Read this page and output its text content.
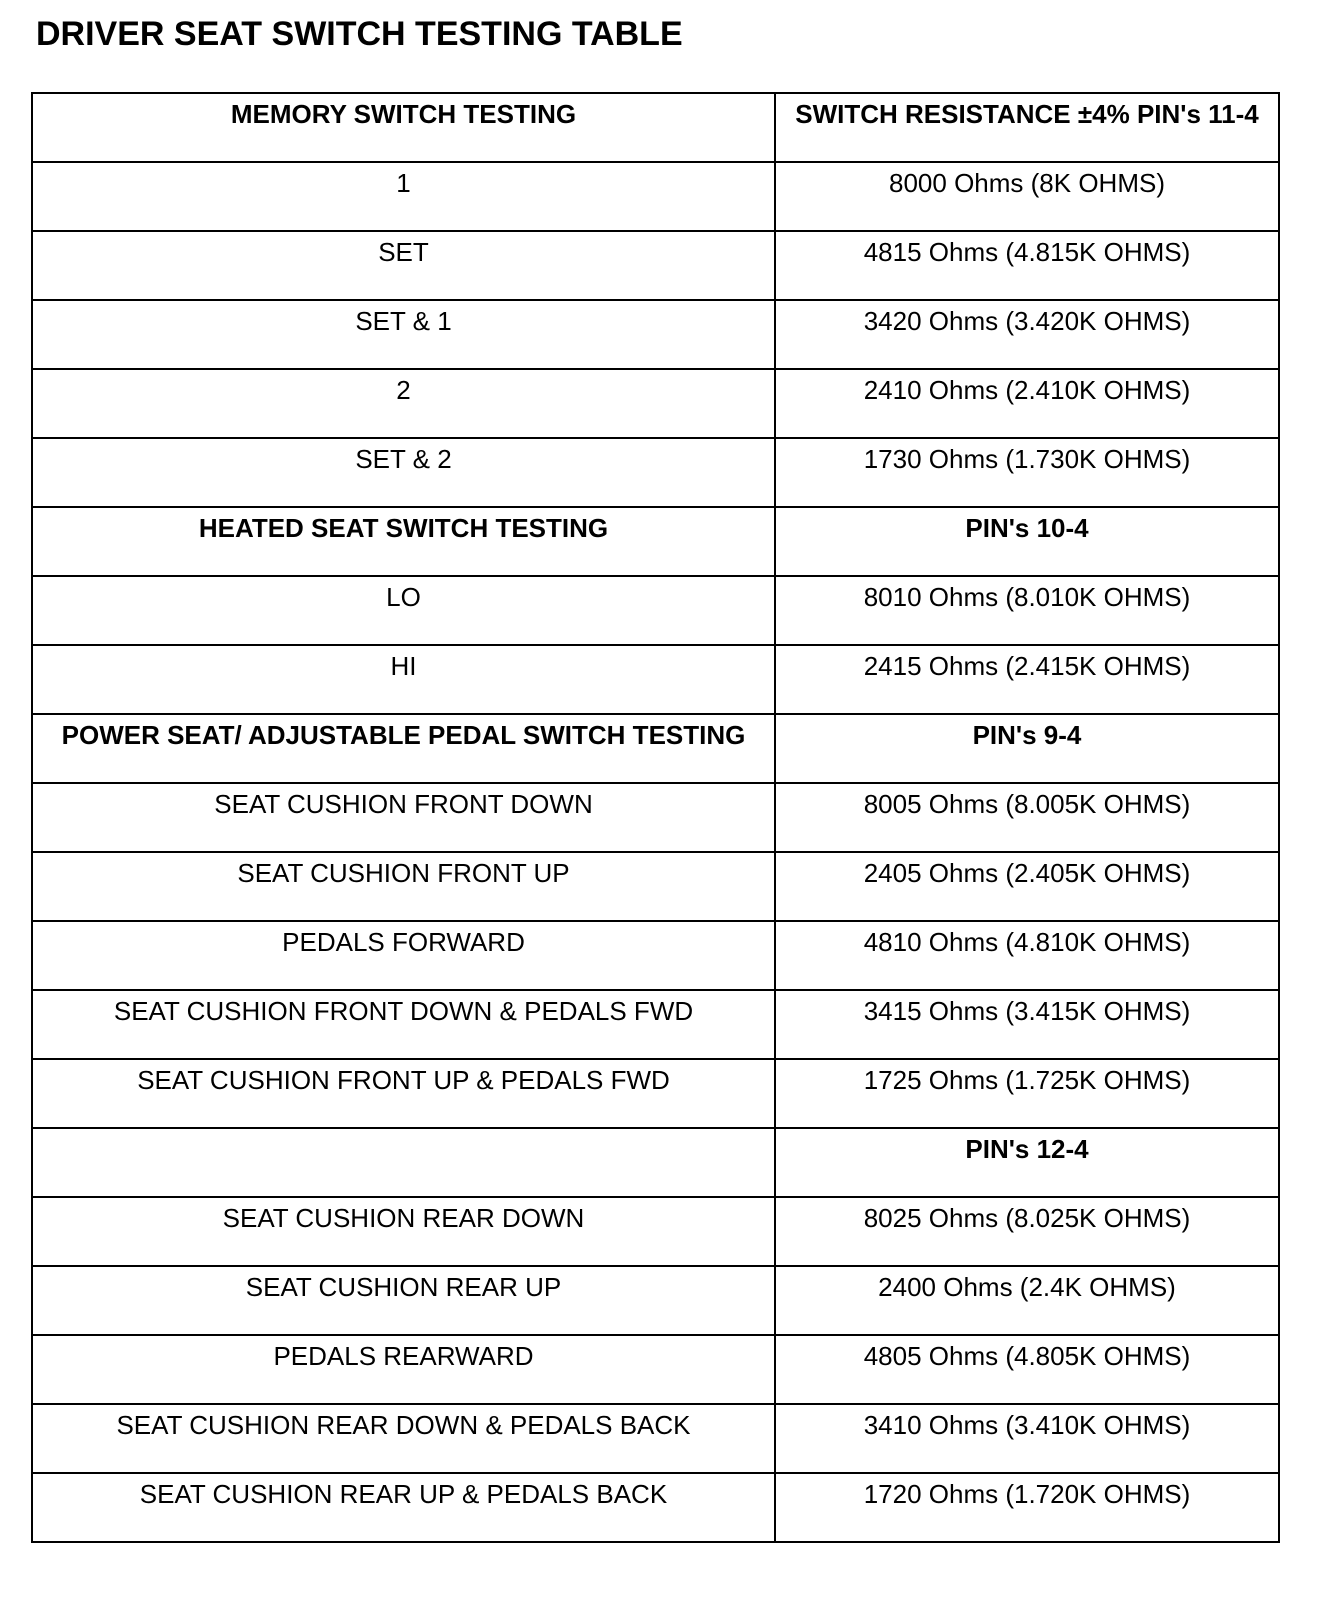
DRIVER SEAT SWITCH TESTING TABLE
MEMORY SWITCH TESTING	SWITCH RESISTANCE ±4% PIN's 11-4

1	8000 Ohms (8K OHMS)

SET	4815 Ohms (4.815K OHMS)

SET & 1	3420 Ohms (3.420K OHMS)

2	2410 Ohms (2.410K OHMS)

SET & 2	1730 Ohms (1.730K OHMS)

HEATED SEAT SWITCH TESTING	PIN's 10-4

LO	8010 Ohms (8.010K OHMS)

HI	2415 Ohms (2.415K OHMS)

POWER SEAT/ ADJUSTABLE PEDAL SWITCH TESTING	PIN's 9-4

SEAT CUSHION FRONT DOWN	8005 Ohms (8.005K OHMS)

SEAT CUSHION FRONT UP	2405 Ohms (2.405K OHMS)

PEDALS FORWARD	4810 Ohms (4.810K OHMS)

SEAT CUSHION FRONT DOWN & PEDALS FWD	3415 Ohms (3.415K OHMS)

SEAT CUSHION FRONT UP & PEDALS FWD	1725 Ohms (1.725K OHMS)

	PIN's 12-4

SEAT CUSHION REAR DOWN	8025 Ohms (8.025K OHMS)

SEAT CUSHION REAR UP	2400 Ohms (2.4K OHMS)

PEDALS REARWARD	4805 Ohms (4.805K OHMS)

SEAT CUSHION REAR DOWN & PEDALS BACK	3410 Ohms (3.410K OHMS)

SEAT CUSHION REAR UP & PEDALS BACK	1720 Ohms (1.720K OHMS)
